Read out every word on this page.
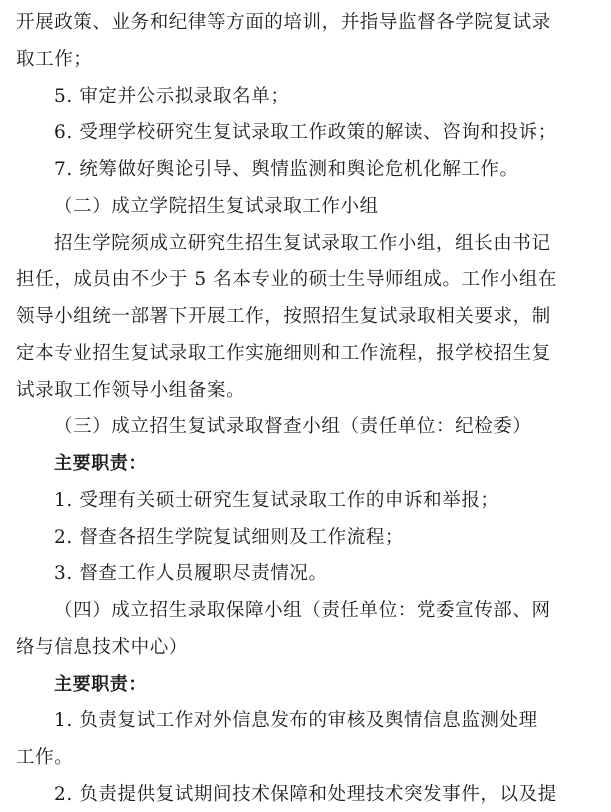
开展政策、业务和纪律等方面的培训，并指导监督各学院复试录
取工作；
5. 审定并公示拟录取名单；
6. 受理学校研究生复试录取工作政策的解读、咨询和投诉；
7. 统筹做好舆论引导、舆情监测和舆论危机化解工作。
（二）成立学院招生复试录取工作小组
招生学院须成立研究生招生复试录取工作小组，组长由书记
担任，成员由不少于 5 名本专业的硕士生导师组成。工作小组在
领导小组统一部署下开展工作，按照招生复试录取相关要求，制
定本专业招生复试录取工作实施细则和工作流程，报学校招生复
试录取工作领导小组备案。
（三）成立招生复试录取督查小组（责任单位：纪检委）
主要职责：
1. 受理有关硕士研究生复试录取工作的申诉和举报；
2. 督查各招生学院复试细则及工作流程；
3. 督查工作人员履职尽责情况。
（四）成立招生录取保障小组（责任单位：党委宣传部、网
络与信息技术中心）
主要职责：
1. 负责复试工作对外信息发布的审核及舆情信息监测处理
工作。
2. 负责提供复试期间技术保障和处理技术突发事件，以及提
